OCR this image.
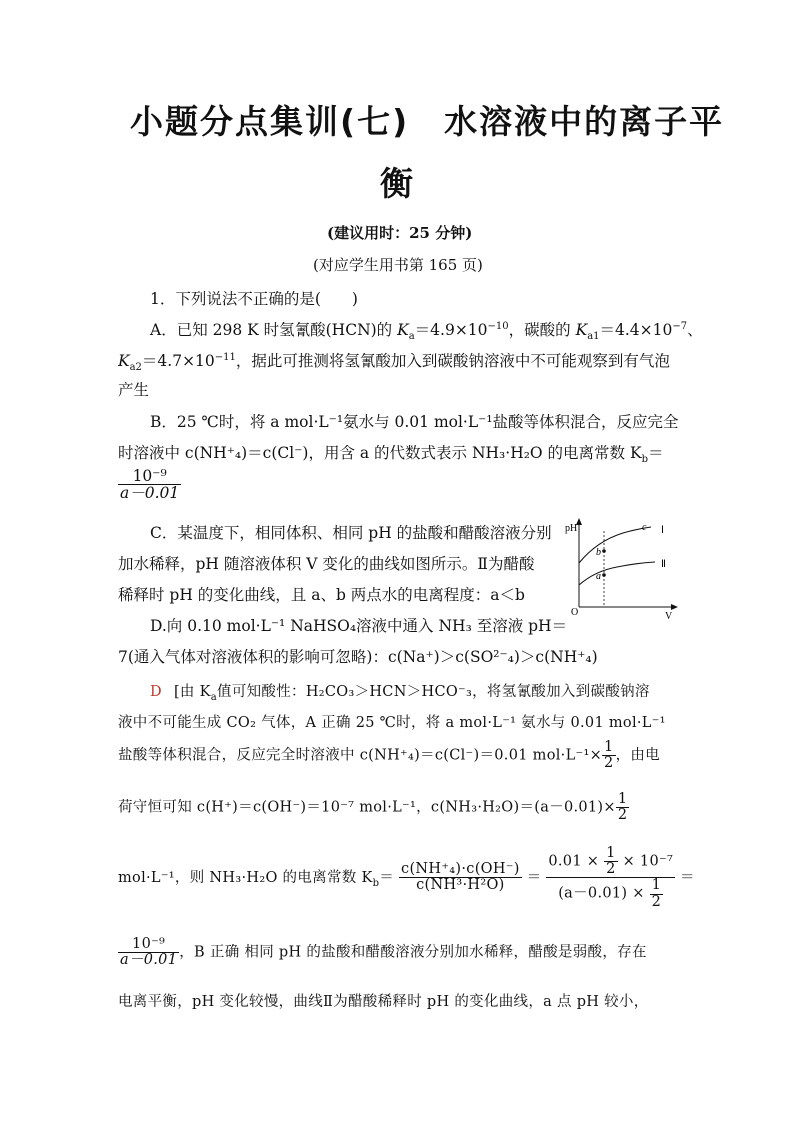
小题分点集训(七)　水溶液中的离子平
衡
(建议用时：25 分钟)
(对应学生用书第 165 页)
1．下列说法不正确的是(　　)
A．已知 298 K 时氢氰酸(HCN)的 $K_a=4.9\times 10^{-10}$，碳酸的 $K_{a1}=4.4\times 10^{-7}$、
$K_{a2}=4.7\times 10^{-11}$，据此可推测将氢氰酸加入到碳酸钠溶液中不可能观察到有气泡
产生
B．25 ℃时，将 a mol·L⁻¹氨水与 0.01 mol·L⁻¹盐酸等体积混合，反应完全
时溶液中 c(NH⁺₄)＝c(Cl⁻)，用含 a 的代数式表示 NH₃·H₂O 的电离常数 $K_b=$
$\frac{\text{10⁻⁹}}{a-0.01}$
C．某温度下，相同体积、相同 pH 的盐酸和醋酸溶液分别
加水稀释，pH 随溶液体积 V 变化的曲线如图所示。Ⅱ为醋酸
稀释时 pH 的变化曲线，且 a、b 两点水的电离程度：a＜b
pH
V
O
Ⅰ
Ⅱ
c
b
a
D.向 0.10 mol·L⁻¹ NaHSO₄溶液中通入 NH₃ 至溶液 pH＝
7(通入气体对溶液体积的影响可忽略)：c(Na⁺)＞c(SO²⁻₄)＞c(NH⁺₄)
D [由 $K_a$值可知酸性：H₂CO₃＞HCN＞HCO⁻₃，将氢氰酸加入到碳酸钠溶
液中不可能生成 CO₂ 气体，A 正确 25 ℃时，将 a mol·L⁻¹ 氨水与 0.01 mol·L⁻¹
盐酸等体积混合，反应完全时溶液中 c(NH⁺₄)＝c(Cl⁻)＝0.01 $mol\cdot L^{-1}\times \frac{1}{2}$ ，由电
荷守恒可知 c(H⁺)＝c(OH⁻)＝10⁻⁷ mol·L⁻¹，$c(NH_3\cdot H_2O)=(a-0.01)\times \frac{1}{2}$
mol·L⁻¹，则 NH₃·H₂O 的电离常数 $K_b= \frac{\text{c(NH⁺₄)·c(OH⁻)}}{\text{c(NH³·H²O)}} = \frac{0.01 \times \frac{1}{2} \times 10^{-7}}{(a-0.01) \times \frac{1}{2}}$ ＝
$\frac{\text{10⁻⁹}}{a-0.01}$ ，B 正确 相同 pH 的盐酸和醋酸溶液分别加水稀释，醋酸是弱酸，存在
电离平衡，pH 变化较慢，曲线Ⅱ为醋酸稀释时 pH 的变化曲线，a 点 pH 较小，
